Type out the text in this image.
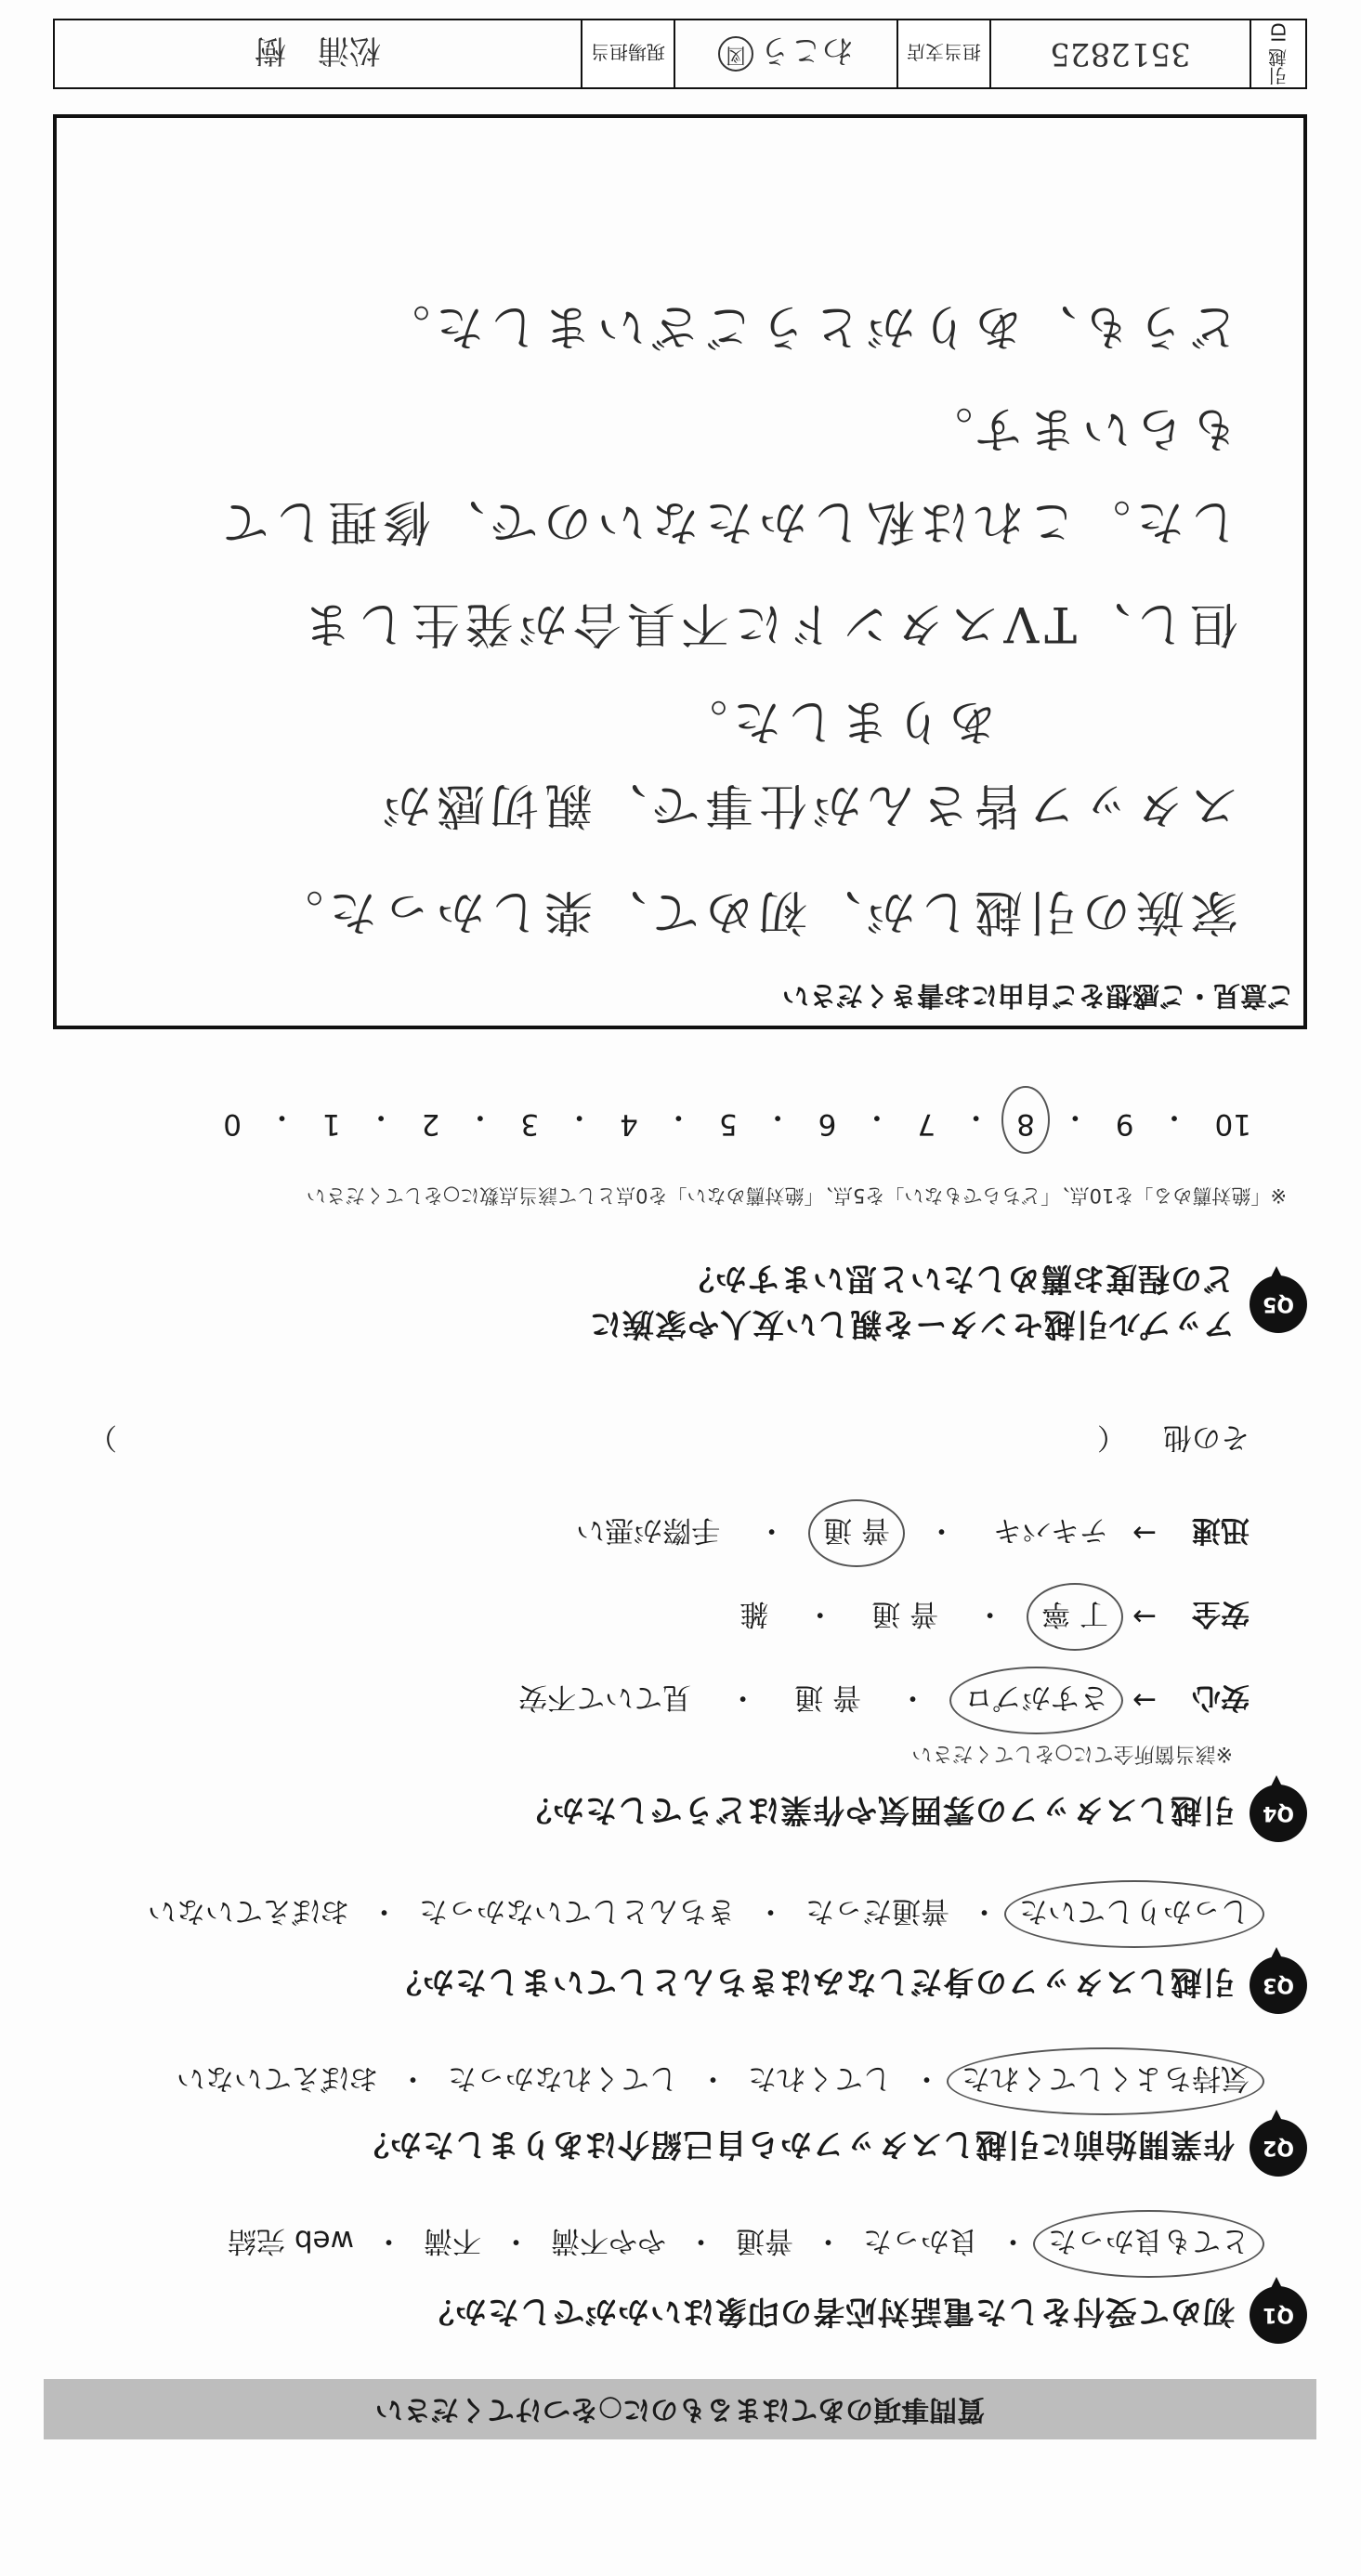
質問事項のあてはまるものに○をつけてください
Q1
初めて受付をした電話対応者の印象はいかがでしたか？
とても良かった
・
良かった
・
普通
・
やや不満
・
不満
・
web 完結
Q2
作業開始前に引越しスタッフから自己紹介はありましたか？
気持ちよくしてくれた
・
してくれた
・
してくれなかった
・
おぼえていない
Q3
引越しスタッフの身だしなみはきちんとしていましたか？
しっかりしていた
・
普通だった
・
きちんとしていなかった
・
おぼえていない
Q4
引越しスタッフの雰囲気や作業はどうでしたか？
※該当箇所全てに○をしてください
安心
→
さすがプロ
・
普 通
・
見ていて不安
安全
→
丁 寧
・
普 通
・
雑
迅速
→
テキパキ
・
普 通
・
手際が悪い
その他
（
）
Q5
アップル引越センターを親しい友人や家族に
どの程度お薦めしたいと思いますか？
※「絶対薦める」を10点、「どちらでもない」を5点、「絶対薦めない」を0点として該当点数に○をしてください
10
・
9
・
8
・
7
・
6
・
5
・
4
・
3
・
2
・
1
・
0
ご意見・ご感想をご自由にお書きください
家族の引越しが、初めて、楽しかった。
スタッフ皆さんが仕事で、親切感が
ありました。
但し、TVスタンドに不具合が発生しま
した。これは私しかたないので、修理して
もらいます。
どうも、ありがとうございました。
引越 ID
3512825
担当支店
わこう
図
現場担当
松浦　樹
